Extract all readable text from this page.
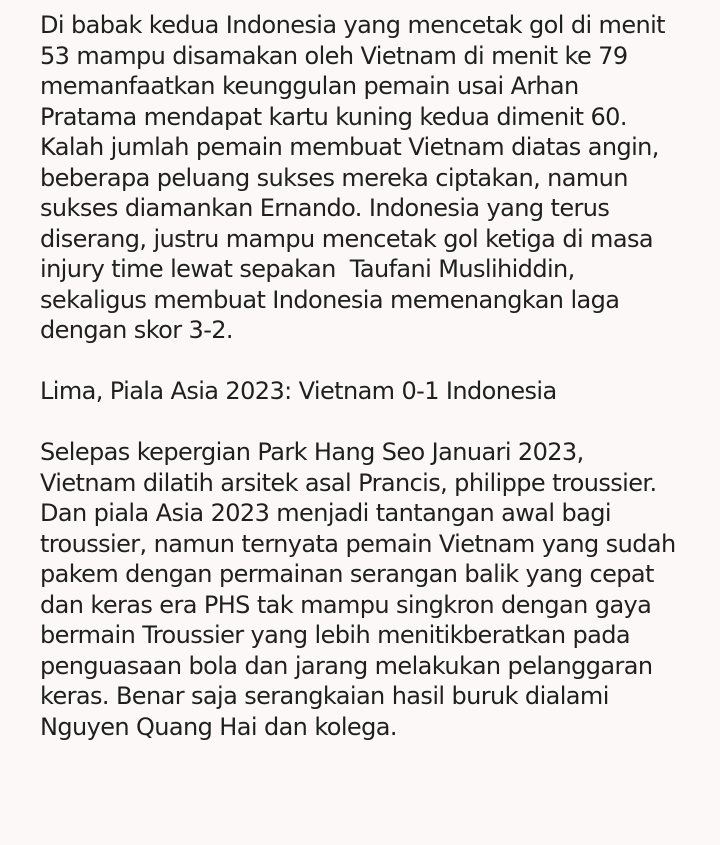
Di babak kedua Indonesia yang mencetak gol di menit
53 mampu disamakan oleh Vietnam di menit ke 79
memanfaatkan keunggulan pemain usai Arhan
Pratama mendapat kartu kuning kedua dimenit 60.
Kalah jumlah pemain membuat Vietnam diatas angin,
beberapa peluang sukses mereka ciptakan, namun
sukses diamankan Ernando. Indonesia yang terus
diserang, justru mampu mencetak gol ketiga di masa
injury time lewat sepakan  Taufani Muslihiddin,
sekaligus membuat Indonesia memenangkan laga
dengan skor 3-2.
Lima, Piala Asia 2023: Vietnam 0-1 Indonesia
Selepas kepergian Park Hang Seo Januari 2023,
Vietnam dilatih arsitek asal Prancis, philippe troussier.
Dan piala Asia 2023 menjadi tantangan awal bagi
troussier, namun ternyata pemain Vietnam yang sudah
pakem dengan permainan serangan balik yang cepat
dan keras era PHS tak mampu singkron dengan gaya
bermain Troussier yang lebih menitikberatkan pada
penguasaan bola dan jarang melakukan pelanggaran
keras. Benar saja serangkaian hasil buruk dialami
Nguyen Quang Hai dan kolega.
